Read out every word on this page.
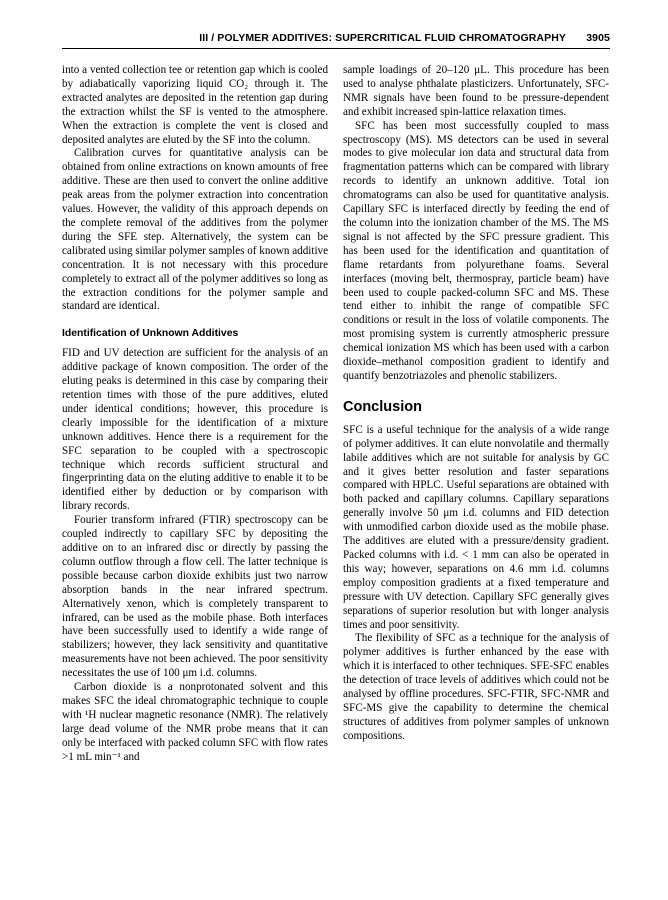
III / POLYMER ADDITIVES: SUPERCRITICAL FLUID CHROMATOGRAPHY 3905

into a vented collection tee or retention gap which is cooled by adiabatically vaporizing liquid CO₂ through it. The extracted analytes are deposited in the retention gap during the extraction whilst the SF is vented to the atmosphere. When the extraction is complete the vent is closed and deposited analytes are eluted by the SF into the column.

Calibration curves for quantitative analysis can be obtained from online extractions on known amounts of free additive. These are then used to convert the online additive peak areas from the polymer extraction into concentration values. However, the validity of this approach depends on the complete removal of the additives from the polymer during the SFE step. Alternatively, the system can be calibrated using similar polymer samples of known additive concentration. It is not necessary with this procedure completely to extract all of the polymer additives so long as the extraction conditions for the polymer sample and standard are identical.

Identification of Unknown Additives

FID and UV detection are sufficient for the analysis of an additive package of known composition. The order of the eluting peaks is determined in this case by comparing their retention times with those of the pure additives, eluted under identical conditions; however, this procedure is clearly impossible for the identification of a mixture unknown additives. Hence there is a requirement for the SFC separation to be coupled with a spectroscopic technique which records sufficient structural and fingerprinting data on the eluting additive to enable it to be identified either by deduction or by comparison with library records.

Fourier transform infrared (FTIR) spectroscopy can be coupled indirectly to capillary SFC by depositing the additive on to an infrared disc or directly by passing the column outflow through a flow cell. The latter technique is possible because carbon dioxide exhibits just two narrow absorption bands in the near infrared spectrum. Alternatively xenon, which is completely transparent to infrared, can be used as the mobile phase. Both interfaces have been successfully used to identify a wide range of stabilizers; however, they lack sensitivity and quantitative measurements have not been achieved. The poor sensitivity necessitates the use of 100 μm i.d. columns.

Carbon dioxide is a nonprotonated solvent and this makes SFC the ideal chromatographic technique to couple with ¹H nuclear magnetic resonance (NMR). The relatively large dead volume of the NMR probe means that it can only be interfaced with packed column SFC with flow rates >1 mL min⁻¹ and

sample loadings of 20–120 μL. This procedure has been used to analyse phthalate plasticizers. Unfortunately, SFC-NMR signals have been found to be pressure-dependent and exhibit increased spin-lattice relaxation times.

SFC has been most successfully coupled to mass spectroscopy (MS). MS detectors can be used in several modes to give molecular ion data and structural data from fragmentation patterns which can be compared with library records to identify an unknown additive. Total ion chromatograms can also be used for quantitative analysis. Capillary SFC is interfaced directly by feeding the end of the column into the ionization chamber of the MS. The MS signal is not affected by the SFC pressure gradient. This has been used for the identification and quantitation of flame retardants from polyurethane foams. Several interfaces (moving belt, thermospray, particle beam) have been used to couple packed-column SFC and MS. These tend either to inhibit the range of compatible SFC conditions or result in the loss of volatile components. The most promising system is currently atmospheric pressure chemical ionization MS which has been used with a carbon dioxide–methanol composition gradient to identify and quantify benzotriazoles and phenolic stabilizers.

Conclusion

SFC is a useful technique for the analysis of a wide range of polymer additives. It can elute nonvolatile and thermally labile additives which are not suitable for analysis by GC and it gives better resolution and faster separations compared with HPLC. Useful separations are obtained with both packed and capillary columns. Capillary separations generally involve 50 μm i.d. columns and FID detection with unmodified carbon dioxide used as the mobile phase. The additives are eluted with a pressure/density gradient. Packed columns with i.d. < 1 mm can also be operated in this way; however, separations on 4.6 mm i.d. columns employ composition gradients at a fixed temperature and pressure with UV detection. Capillary SFC generally gives separations of superior resolution but with longer analysis times and poor sensitivity.

The flexibility of SFC as a technique for the analysis of polymer additives is further enhanced by the ease with which it is interfaced to other techniques. SFE-SFC enables the detection of trace levels of additives which could not be analysed by offline procedures. SFC-FTIR, SFC-NMR and SFC-MS give the capability to determine the chemical structures of additives from polymer samples of unknown compositions.
